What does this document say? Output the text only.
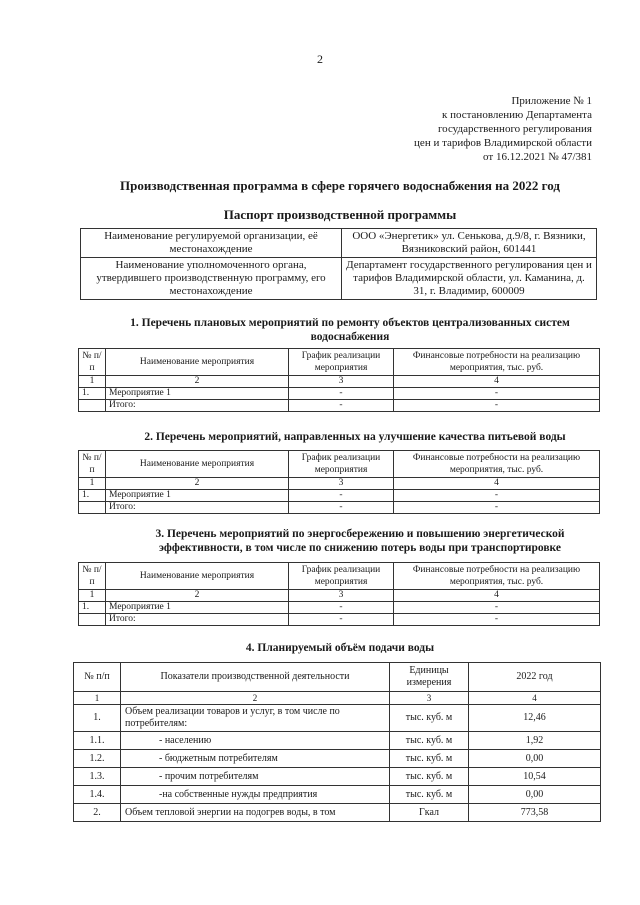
2
Приложение № 1
к постановлению Департамента
государственного регулирования
цен и тарифов Владимирской области
от 16.12.2021 № 47/381
Производственная программа в сфере горячего водоснабжения на 2022 год
Паспорт производственной программы
Наименование регулируемой организации, её местонахождение	ООО «Энергетик» ул. Сенькова, д.9/8, г. Вязники, Вязниковский район, 601441
Наименование уполномоченного органа, утвердившего производственную программу, его местонахождение	Департамент государственного регулирования цен и тарифов Владимирской области, ул. Каманина, д. 31, г. Владимир, 600009
1. Перечень плановых мероприятий по ремонту объектов централизованных систем водоснабжения
№ п/п	Наименование мероприятия	График реализации мероприятия	Финансовые потребности на реализацию мероприятия, тыс. руб.
1	2	3	4
1.	Мероприятие 1	-	-
	Итого:	-	-
2. Перечень мероприятий, направленных на улучшение качества питьевой воды
№ п/п	Наименование мероприятия	График реализации мероприятия	Финансовые потребности на реализацию мероприятия, тыс. руб.
1	2	3	4
1.	Мероприятие 1	-	-
	Итого:	-	-
3. Перечень мероприятий по энергосбережению и повышению энергетической эффективности, в том числе по снижению потерь воды при транспортировке
№ п/п	Наименование мероприятия	График реализации мероприятия	Финансовые потребности на реализацию мероприятия, тыс. руб.
1	2	3	4
1.	Мероприятие 1	-	-
	Итого:	-	-
4. Планируемый объём подачи воды
№ п/п	Показатели производственной деятельности	Единицы измерения	2022 год
1	2	3	4
1.	Объем реализации товаров и услуг, в том числе по потребителям:	тыс. куб. м	12,46
1.1.	- населению	тыс. куб. м	1,92
1.2.	- бюджетным потребителям	тыс. куб. м	0,00
1.3.	- прочим потребителям	тыс. куб. м	10,54
1.4.	-на собственные нужды предприятия	тыс. куб. м	0,00
2.	Объем тепловой энергии на подогрев воды, в том	Гкал	773,58
